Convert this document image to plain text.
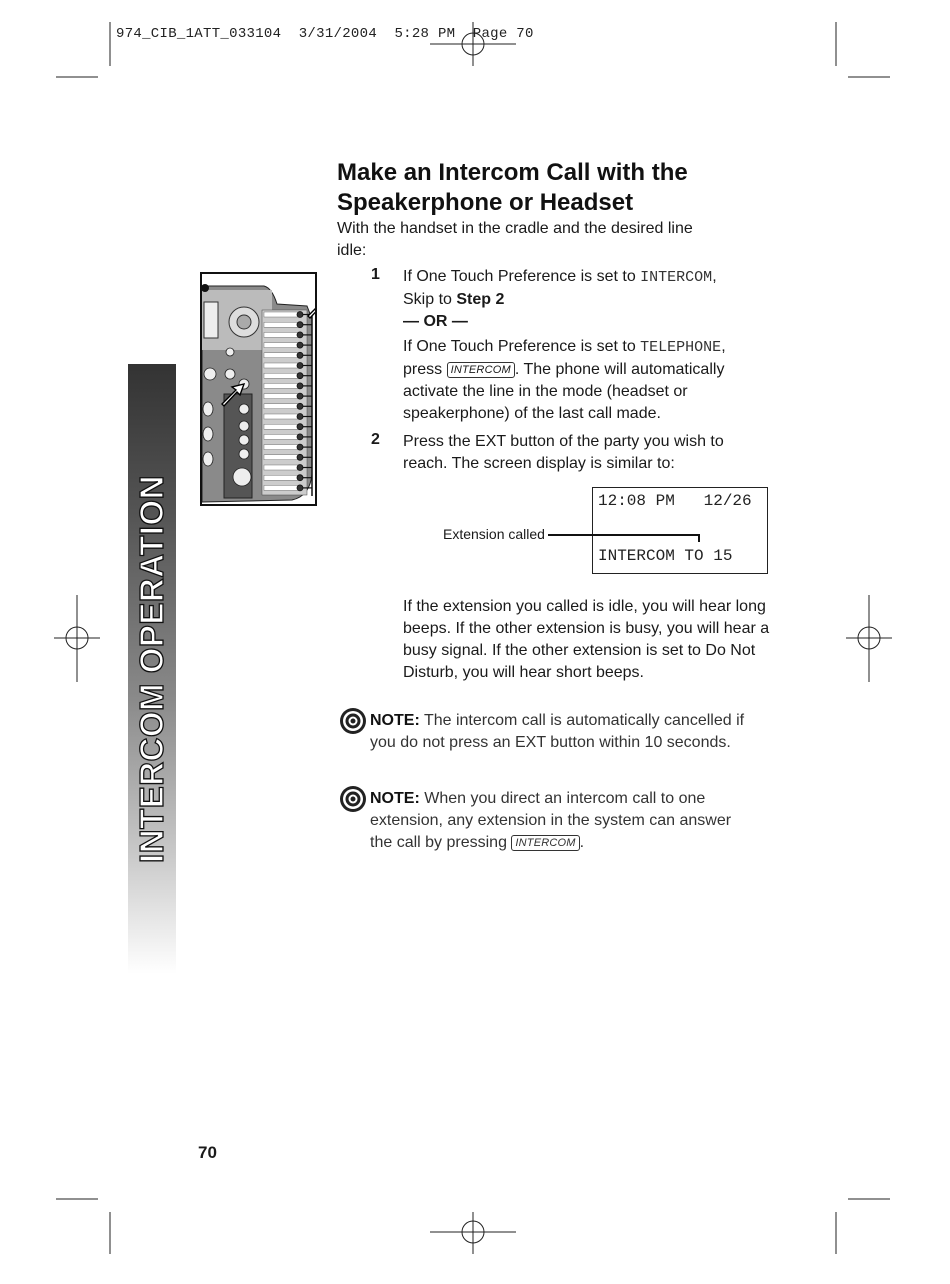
974_CIB_1ATT_033104  3/31/2004  5:28 PM  Page 70
INTERCOM OPERATION
Make an Intercom Call with the
Speakerphone or Headset
With the handset in the cradle and the desired line idle:
1 If One Touch Preference is set to INTERCOM,
Skip to Step 2
— OR —
If One Touch Preference is set to TELEPHONE,
press INTERCOM . The phone will automatically activate the line in the mode (headset or speakerphone) of the last call made.
2 Press the EXT button of the party you wish to reach. The screen display is similar to:
12:08 PM   12/26
INTERCOM TO 15
Extension called
If the extension you called is idle, you will hear long beeps. If the other extension is busy, you will hear a busy signal. If the other extension is set to Do Not Disturb, you will hear short beeps.
NOTE: The intercom call is automatically cancelled if you do not press an EXT button within 10 seconds.
NOTE: When you direct an intercom call to one extension, any extension in the system can answer the call by pressing INTERCOM .
70
